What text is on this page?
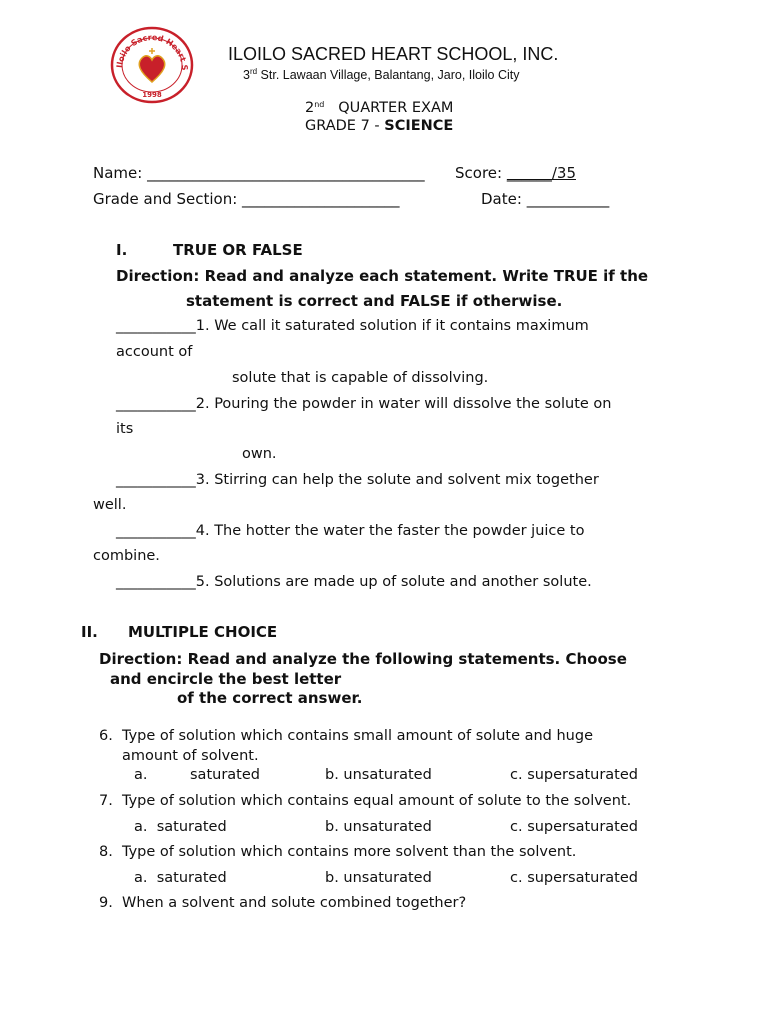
Iloilo Sacred Heart S
1998
ILOILO SACRED HEART SCHOOL, INC.
3rd Str. Lawaan Village, Balantang, Jaro, Iloilo City
2nd   QUARTER EXAM
GRADE 7 - SCIENCE
Name: _____________________________________ Score: ______/35
Grade and Section: _____________________	Date: ___________
I.	TRUE OR FALSE
Direction: Read and analyze each statement. Write TRUE if the
statement is correct and FALSE if otherwise.
___________1. We call it saturated solution if it contains maximum
account of
solute that is capable of dissolving.
___________2. Pouring the powder in water will dissolve the solute on
its
own.
___________3. Stirring can help the solute and solvent mix together
well.
___________4. The hotter the water the faster the powder juice to
combine.
___________5. Solutions are made up of solute and another solute.
II. MULTIPLE CHOICE
Direction: Read and analyze the following statements. Choose
and encircle the best letter
of the correct answer.
6. Type of solution which contains small amount of solute and huge
amount of solvent.
a.	saturated	b. unsaturated	c. supersaturated
7. Type of solution which contains equal amount of solute to the solvent.
a.  saturated	b. unsaturated	c. supersaturated
8. Type of solution which contains more solvent than the solvent.
a.  saturated	b. unsaturated	c. supersaturated
9. When a solvent and solute combined together?
